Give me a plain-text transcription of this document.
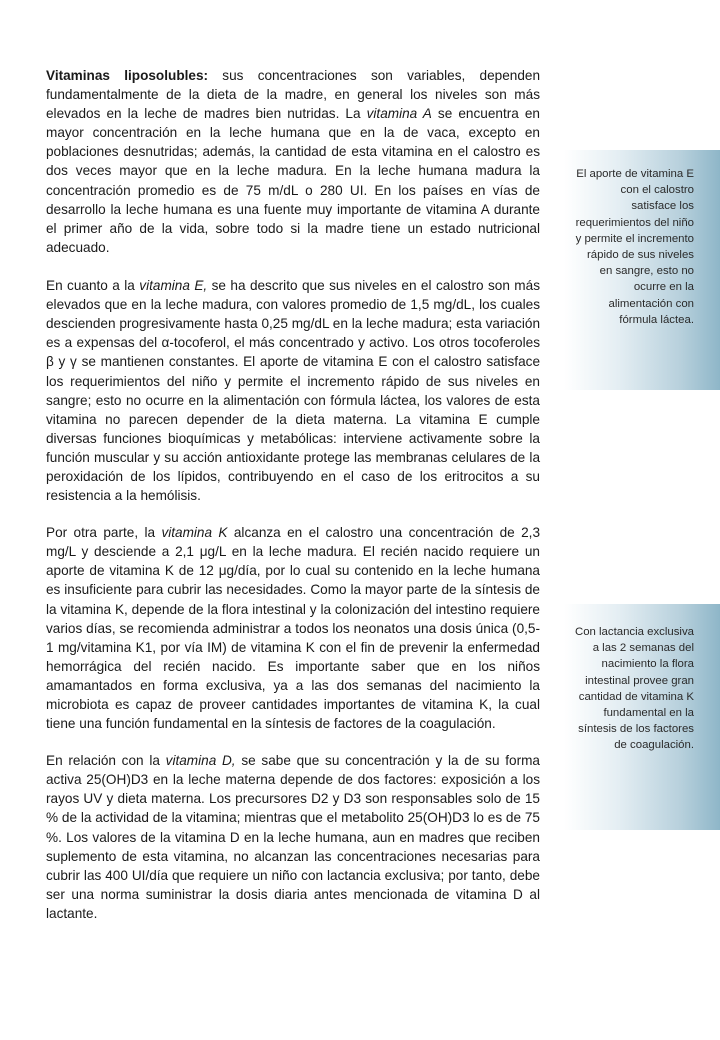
Vitaminas liposolubles: sus concentraciones son variables, dependen fundamentalmente de la dieta de la madre, en general los niveles son más elevados en la leche de madres bien nutridas. La vitamina A se encuentra en mayor concentración en la leche humana que en la de vaca, excepto en poblaciones desnutridas; además, la cantidad de esta vitamina en el calostro es dos veces mayor que en la leche madura. En la leche humana madura la concentración promedio es de 75 m/dL o 280 UI. En los países en vías de desarrollo la leche humana es una fuente muy importante de vitamina A durante el primer año de la vida, sobre todo si la madre tiene un estado nutricional adecuado.

En cuanto a la vitamina E, se ha descrito que sus niveles en el calostro son más elevados que en la leche madura, con valores promedio de 1,5 mg/dL, los cuales descienden progresivamente hasta 0,25 mg/dL en la leche madura; esta variación es a expensas del α-tocoferol, el más concentrado y activo. Los otros tocoferoles β y γ se mantienen constantes. El aporte de vitamina E con el calostro satisface los requerimientos del niño y permite el incremento rápido de sus niveles en sangre; esto no ocurre en la alimentación con fórmula láctea, los valores de esta vitamina no parecen depender de la dieta materna. La vitamina E cumple diversas funciones bioquímicas y metabólicas: interviene activamente sobre la función muscular y su acción antioxidante protege las membranas celulares de la peroxidación de los lípidos, contribuyendo en el caso de los eritrocitos a su resistencia a la hemólisis.

Por otra parte, la vitamina K alcanza en el calostro una concentración de 2,3 mg/L y desciende a 2,1 μg/L en la leche madura. El recién nacido requiere un aporte de vitamina K de 12 μg/día, por lo cual su contenido en la leche humana es insuficiente para cubrir las necesidades. Como la mayor parte de la síntesis de la vitamina K, depende de la flora intestinal y la colonización del intestino requiere varios días, se recomienda administrar a todos los neonatos una dosis única (0,5-1 mg/vitamina K1, por vía IM) de vitamina K con el fin de prevenir la enfermedad hemorrágica del recién nacido. Es importante saber que en los niños amamantados en forma exclusiva, ya a las dos semanas del nacimiento la microbiota es capaz de proveer cantidades importantes de vitamina K, la cual tiene una función fundamental en la síntesis de factores de la coagulación.

En relación con la vitamina D, se sabe que su concentración y la de su forma activa 25(OH)D3 en la leche materna depende de dos factores: exposición a los rayos UV y dieta materna. Los precursores D2 y D3 son responsables solo de 15 % de la actividad de la vitamina; mientras que el metabolito 25(OH)D3 lo es de 75 %. Los valores de la vitamina D en la leche humana, aun en madres que reciben suplemento de esta vitamina, no alcanzan las concentraciones necesarias para cubrir las 400 UI/día que requiere un niño con lactancia exclusiva; por tanto, debe ser una norma suministrar la dosis diaria antes mencionada de vitamina D al lactante.

El aporte de vitamina E con el calostro satisface los requerimientos del niño y permite el incremento rápido de sus niveles en sangre, esto no ocurre en la alimentación con fórmula láctea.
Con lactancia exclusiva a las 2 semanas del nacimiento la flora intestinal provee gran cantidad de vitamina K fundamental en la síntesis de los factores de coagulación.
